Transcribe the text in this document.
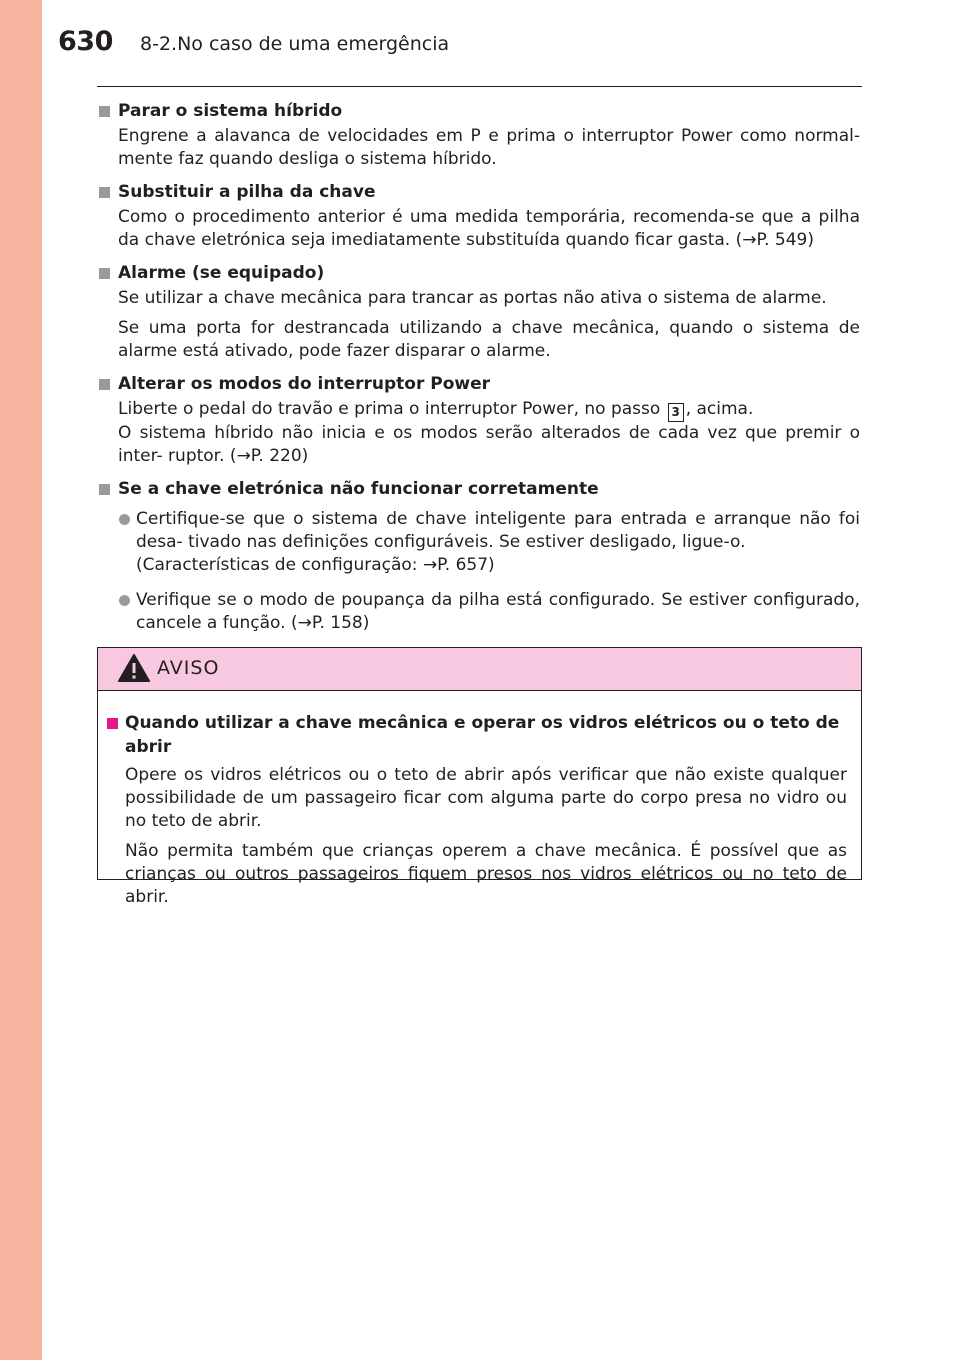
630 8-2.No caso de uma emergência
Parar o sistema híbrido
Engrene a alavanca de velocidades em P e prima o interruptor Power como normal- mente faz quando desliga o sistema híbrido.
Substituir a pilha da chave
Como o procedimento anterior é uma medida temporária, recomenda-se que a pilha da chave eletrónica seja imediatamente substituída quando ficar gasta. (→P. 549)
Alarme (se equipado)
Se utilizar a chave mecânica para trancar as portas não ativa o sistema de alarme.
Se uma porta for destrancada utilizando a chave mecânica, quando o sistema de alarme está ativado, pode fazer disparar o alarme.
Alterar os modos do interruptor Power
Liberte o pedal do travão e prima o interruptor Power, no passo 3 , acima.
O sistema híbrido não inicia e os modos serão alterados de cada vez que premir o inter- ruptor. (→P. 220)
Se a chave eletrónica não funcionar corretamente
Certifique-se que o sistema de chave inteligente para entrada e arranque não foi desa- tivado nas definições configuráveis. Se estiver desligado, ligue-o.
(Características de configuração: →P. 657)
Verifique se o modo de poupança da pilha está configurado. Se estiver configurado, cancele a função. (→P. 158)
AVISO
Quando utilizar a chave mecânica e operar os vidros elétricos ou o teto de abrir
Opere os vidros elétricos ou o teto de abrir após verificar que não existe qualquer possibilidade de um passageiro ficar com alguma parte do corpo presa no vidro ou no teto de abrir.
Não permita também que crianças operem a chave mecânica. É possível que as crianças ou outros passageiros fiquem presos nos vidros elétricos ou no teto de abrir.
